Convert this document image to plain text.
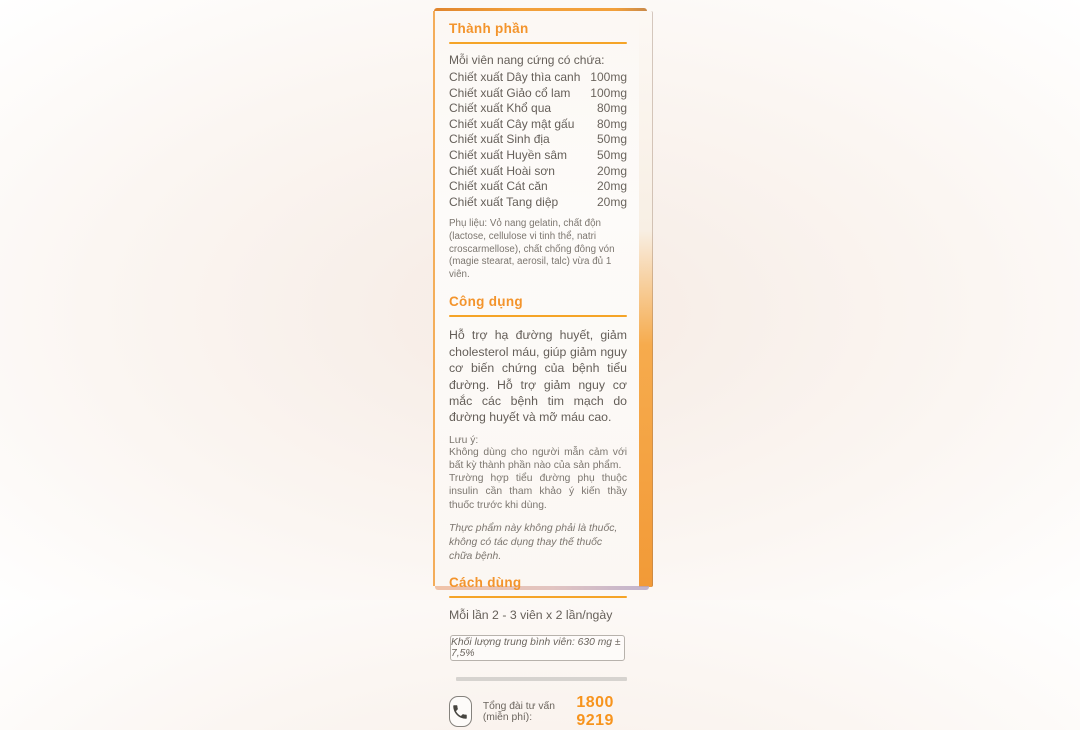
Thành phần
Mỗi viên nang cứng có chứa:
Chiết xuất Dây thìa canh 100mg
Chiết xuất Giảo cổ lam 100mg
Chiết xuất Khổ qua	80mg
Chiết xuất Cây mật gấu 80mg
Chiết xuất Sinh địa	50mg
Chiết xuất Huyền sâm 50mg
Chiết xuất Hoài sơn	20mg
Chiết xuất Cát căn	20mg
Chiết xuất Tang diệp	20mg
Phụ liệu: Vỏ nang gelatin, chất độn (lactose, cellulose vi tinh thể, natri croscarmellose), chất chống đông vón (magie stearat, aerosil, talc) vừa đủ 1 viên.
Công dụng
Hỗ trợ hạ đường huyết, giảm cholesterol máu, giúp giảm nguy cơ biến chứng của bệnh tiểu đường. Hỗ trợ giảm nguy cơ mắc các bệnh tim mạch do đường huyết và mỡ máu cao.
Lưu ý:
Không dùng cho người mẫn cảm với bất kỳ thành phần nào của sản phẩm.
Trường hợp tiểu đường phụ thuộc insulin cần tham khảo ý kiến thầy thuốc trước khi dùng.
Thực phẩm này không phải là thuốc,
không có tác dụng thay thế thuốc chữa bệnh.
Cách dùng
Mỗi lần 2 - 3 viên x 2 lần/ngày
Khối lượng trung bình viên: 630 mg ± 7,5%
Tổng đài tư vấn (miễn phí):
1800 9219
